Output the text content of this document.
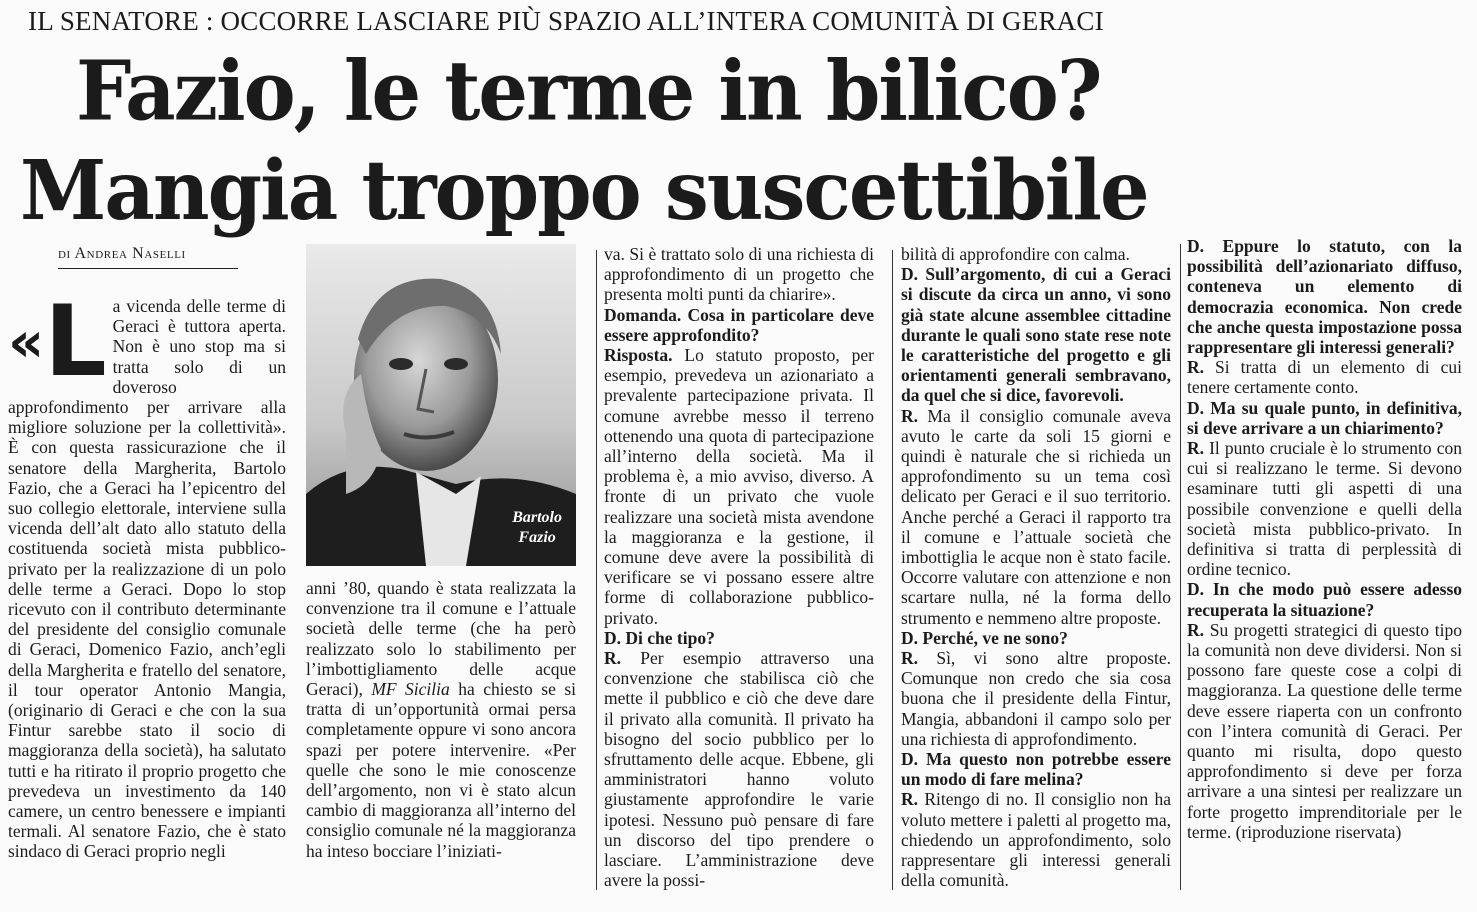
IL SENATORE : OCCORRE LASCIARE PIÙ SPAZIO ALL’INTERA COMUNITÀ DI GERACI
Fazio, le terme in bilico?
Mangia troppo suscettibile
di Andrea Naselli
«L a vicenda delle terme di Geraci è tuttora aperta. Non è uno stop ma si tratta solo di un doveroso approfondimento per arrivare alla migliore soluzione per la collettività». È con questa rassicurazione che il senatore della Margherita, Bartolo Fazio, che a Geraci ha l’epicentro del suo collegio elettorale, interviene sulla vicenda dell’alt dato allo statuto della costituenda società mista pubblico-privato per la realizzazione di un polo delle terme a Geraci. Dopo lo stop ricevuto con il contributo determinante del presidente del consiglio comunale di Geraci, Domenico Fazio, anch’egli della Margherita e fratello del senatore, il tour operator Antonio Mangia, (originario di Geraci e che con la sua Fintur sarebbe stato il socio di maggioranza della società), ha salutato tutti e ha ritirato il proprio progetto che prevedeva un investimento da 140 camere, un centro benessere e impianti termali. Al senatore Fazio, che è stato sindaco di Geraci proprio negli

Bartolo
Fazio

anni ’80, quando è stata realizzata la convenzione tra il comune e l’attuale società delle terme (che ha però realizzato solo lo stabilimento per l’imbottigliamento delle acque Geraci), MF Sicilia ha chiesto se si tratta di un’opportunità ormai persa completamente oppure vi sono ancora spazi per potere intervenire. «Per quelle che sono le mie conoscenze dell’argomento, non vi è stato alcun cambio di maggioranza all’interno del consiglio comunale né la maggioranza ha inteso bocciare l’iniziati-

va. Si è trattato solo di una richiesta di approfondimento di un progetto che presenta molti punti da chiarire».

Domanda. Cosa in particolare deve essere approfondito?

Risposta. Lo statuto proposto, per esempio, prevedeva un azionariato a prevalente partecipazione privata. Il comune avrebbe messo il terreno ottenendo una quota di partecipazione all’interno della società. Ma il problema è, a mio avviso, diverso. A fronte di un privato che vuole realizzare una società mista avendone la maggioranza e la gestione, il comune deve avere la possibilità di verificare se vi possano essere altre forme di collaborazione pubblico-privato.

D. Di che tipo?

R. Per esempio attraverso una convenzione che stabilisca ciò che mette il pubblico e ciò che deve dare il privato alla comunità. Il privato ha bisogno del socio pubblico per lo sfruttamento delle acque. Ebbene, gli amministratori hanno voluto giustamente approfondire le varie ipotesi. Nessuno può pensare di fare un discorso del tipo prendere o lasciare. L’amministrazione deve avere la possi-

bilità di approfondire con calma.

D. Sull’argomento, di cui a Geraci si discute da circa un anno, vi sono già state alcune assemblee cittadine durante le quali sono state rese note le caratteristiche del progetto e gli orientamenti generali sembravano, da quel che si dice, favorevoli.

R. Ma il consiglio comunale aveva avuto le carte da soli 15 giorni e quindi è naturale che si richieda un approfondimento su un tema così delicato per Geraci e il suo territorio. Anche perché a Geraci il rapporto tra il comune e l’attuale società che imbottiglia le acque non è stato facile. Occorre valutare con attenzione e non scartare nulla, né la forma dello strumento e nemmeno altre proposte.

D. Perché, ve ne sono?

R. Sì, vi sono altre proposte. Comunque non credo che sia cosa buona che il presidente della Fintur, Mangia, abbandoni il campo solo per una richiesta di approfondimento.

D. Ma questo non potrebbe essere un modo di fare melina?

R. Ritengo di no. Il consiglio non ha voluto mettere i paletti al progetto ma, chiedendo un approfondimento, solo rappresentare gli interessi generali della comunità.

D. Eppure lo statuto, con la possibilità dell’azionariato diffuso, conteneva un elemento di democrazia economica. Non crede che anche questa impostazione possa rappresentare gli interessi generali?

R. Si tratta di un elemento di cui tenere certamente conto.

D. Ma su quale punto, in definitiva, si deve arrivare a un chiarimento?

R. Il punto cruciale è lo strumento con cui si realizzano le terme. Si devono esaminare tutti gli aspetti di una possibile convenzione e quelli della società mista pubblico-privato. In definitiva si tratta di perplessità di ordine tecnico.

D. In che modo può essere adesso recuperata la situazione?

R. Su progetti strategici di questo tipo la comunità non deve dividersi. Non si possono fare queste cose a colpi di maggioranza. La questione delle terme deve essere riaperta con un confronto con l’intera comunità di Geraci. Per quanto mi risulta, dopo questo approfondimento si deve per forza arrivare a una sintesi per realizzare un forte progetto imprenditoriale per le terme. (riproduzione riservata)
